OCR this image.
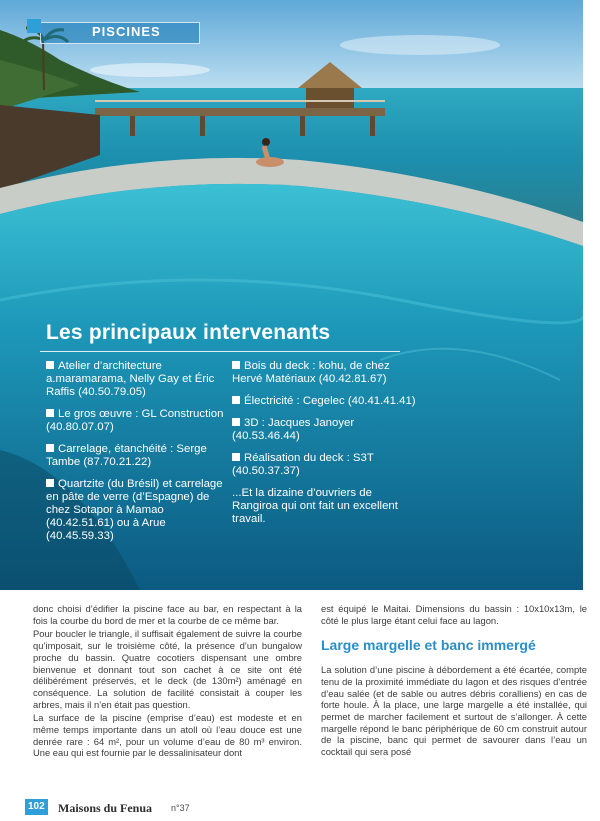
PISCINES
Les principaux intervenants
Atelier d’architecture a.maramarama, Nelly Gay et Éric Raffis (40.50.79.05)
Le gros œuvre : GL Construction (40.80.07.07)
Carrelage, étanchéité : Serge Tambe (87.70.21.22)
Quartzite (du Brésil) et carrelage en pâte de verre (d’Espagne) de chez Sotapor à Mamao (40.42.51.61) ou à Arue (40.45.59.33)
Bois du deck : kohu, de chez Hervé Matériaux (40.42.81.67)
Électricité : Cegelec (40.41.41.41)
3D : Jacques Janoyer (40.53.46.44)
Réalisation du deck : S3T (40.50.37.37)
...Et la dizaine d’ouvriers de Rangiroa qui ont fait un excellent travail.

donc choisi d’édifier la piscine face au bar, en respectant à la fois la courbe du bord de mer et la courbe de ce même bar.

Pour boucler le triangle, il suffisait également de suivre la courbe qu’imposait, sur le troisième côté, la présence d’un bungalow proche du bassin. Quatre cocotiers dispensant une ombre bienvenue et donnant tout son cachet à ce site ont été délibérément préservés, et le deck (de 130m²) aménagé en conséquence. La solution de facilité consistait à couper les arbres, mais il n’en était pas question.

La surface de la piscine (emprise d’eau) est modeste et en même temps importante dans un atoll où l’eau douce est une denrée rare : 64 m², pour un volume d’eau de 80 m³ environ. Une eau qui est fournie par le dessalinisateur dont

est équipé le Maitai. Dimensions du bassin : 10x10x13m, le côté le plus large étant celui face au lagon.

Large margelle et banc immergé

La solution d’une piscine à débordement a été écartée, compte tenu de la proximité immédiate du lagon et des risques d’entrée d’eau salée (et de sable ou autres débris coralliens) en cas de forte houle. À la place, une large margelle a été installée, qui permet de marcher facilement et surtout de s’allonger. À cette margelle répond le banc périphérique de 60 cm construit autour de la piscine, banc qui permet de savourer dans l’eau un cocktail qui sera posé

102 Maisons du Fenua n°37
